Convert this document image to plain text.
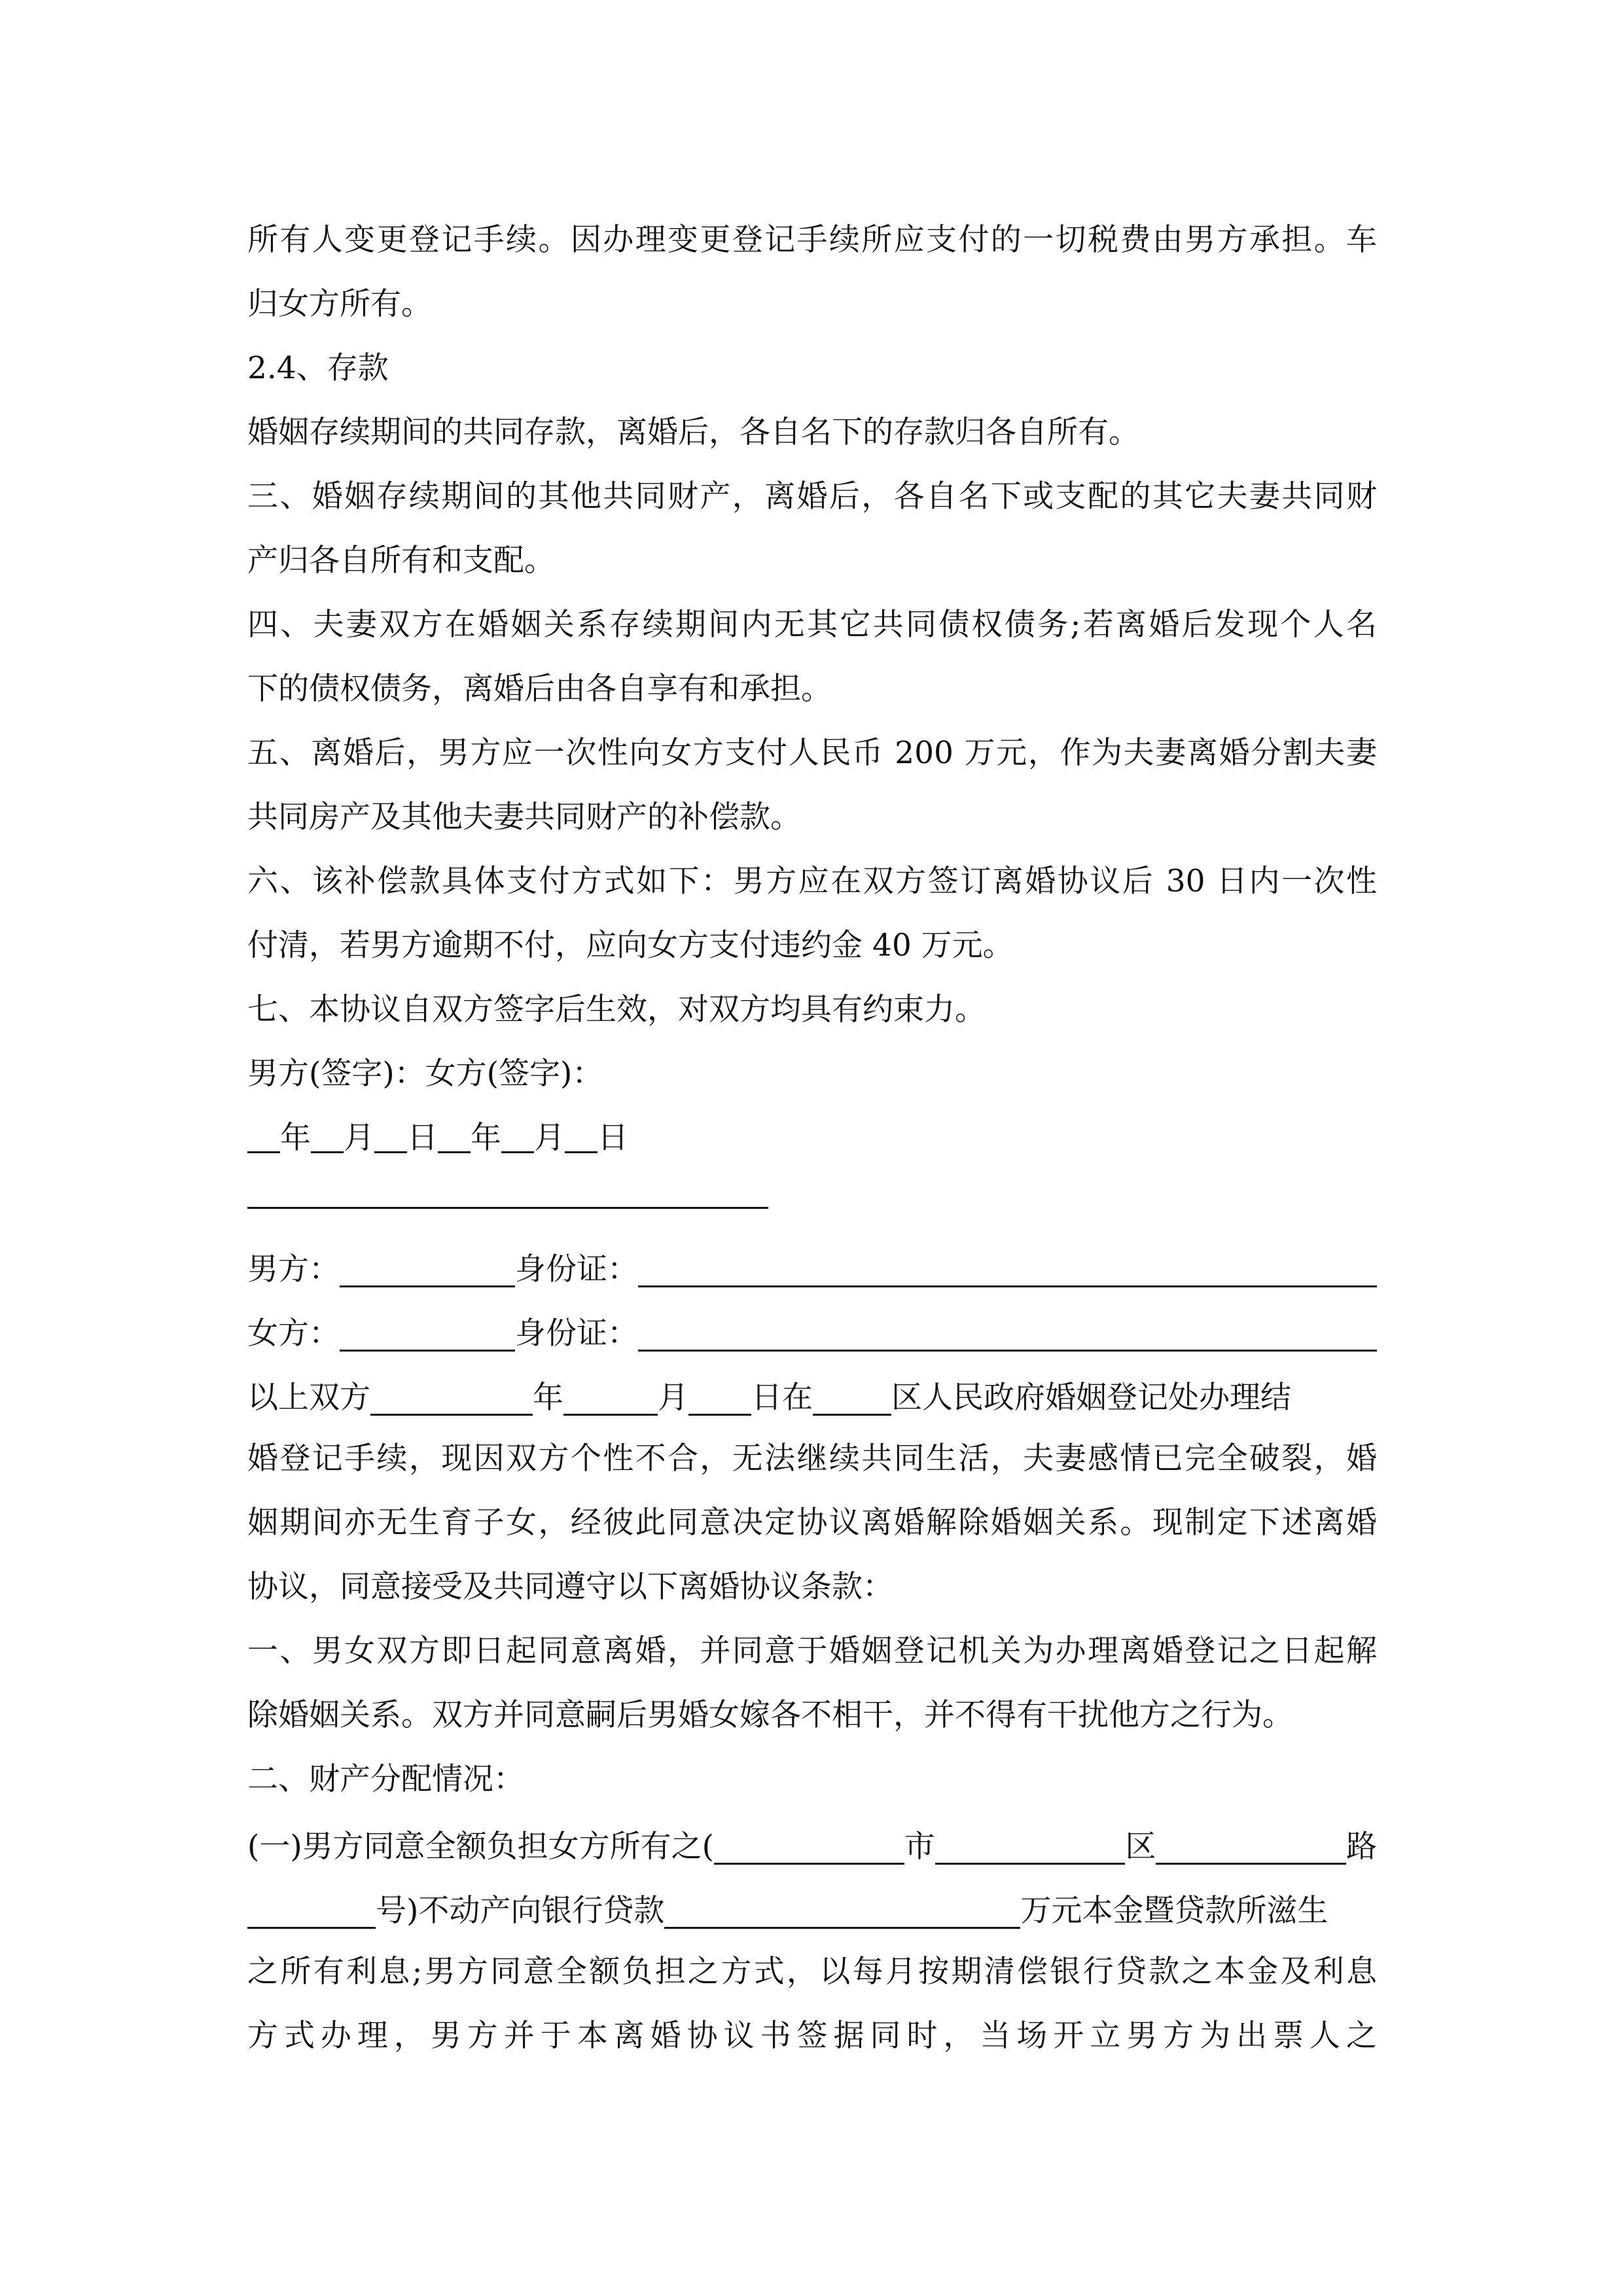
所有人变更登记手续。因办理变更登记手续所应支付的一切税费由男方承担。车
归女方所有。
2.4、存款
婚姻存续期间的共同存款，离婚后，各自名下的存款归各自所有。
三、婚姻存续期间的其他共同财产，离婚后，各自名下或支配的其它夫妻共同财
产归各自所有和支配。
四、夫妻双方在婚姻关系存续期间内无其它共同债权债务;若离婚后发现个人名
下的债权债务，离婚后由各自享有和承担。
五、离婚后，男方应一次性向女方支付人民币 200 万元，作为夫妻离婚分割夫妻
共同房产及其他夫妻共同财产的补偿款。
六、该补偿款具体支付方式如下：男方应在双方签订离婚协议后 30 日内一次性
付清，若男方逾期不付，应向女方支付违约金 40 万元。
七、本协议自双方签字后生效，对双方均具有约束力。
男方(签字)：女方(签字)：
年 月 日 年 月 日
男方：	身份证：
女方：	身份证：
以上双方	年	月 日在	区人民政府婚姻登记处办理结
婚登记手续，现因双方个性不合，无法继续共同生活，夫妻感情已完全破裂，婚
姻期间亦无生育子女，经彼此同意决定协议离婚解除婚姻关系。现制定下述离婚
协议，同意接受及共同遵守以下离婚协议条款：
一、男女双方即日起同意离婚，并同意于婚姻登记机关为办理离婚登记之日起解
除婚姻关系。双方并同意嗣后男婚女嫁各不相干，并不得有干扰他方之行为。
二、财产分配情况：
(一)男方同意全额负担女方所有之(	市	区	路
号)不动产向银行贷款	万元本金暨贷款所滋生
之所有利息;男方同意全额负担之方式，以每月按期清偿银行贷款之本金及利息
方式办理，男方并于本离婚协议书签据同时，当场开立男方为出票人之
